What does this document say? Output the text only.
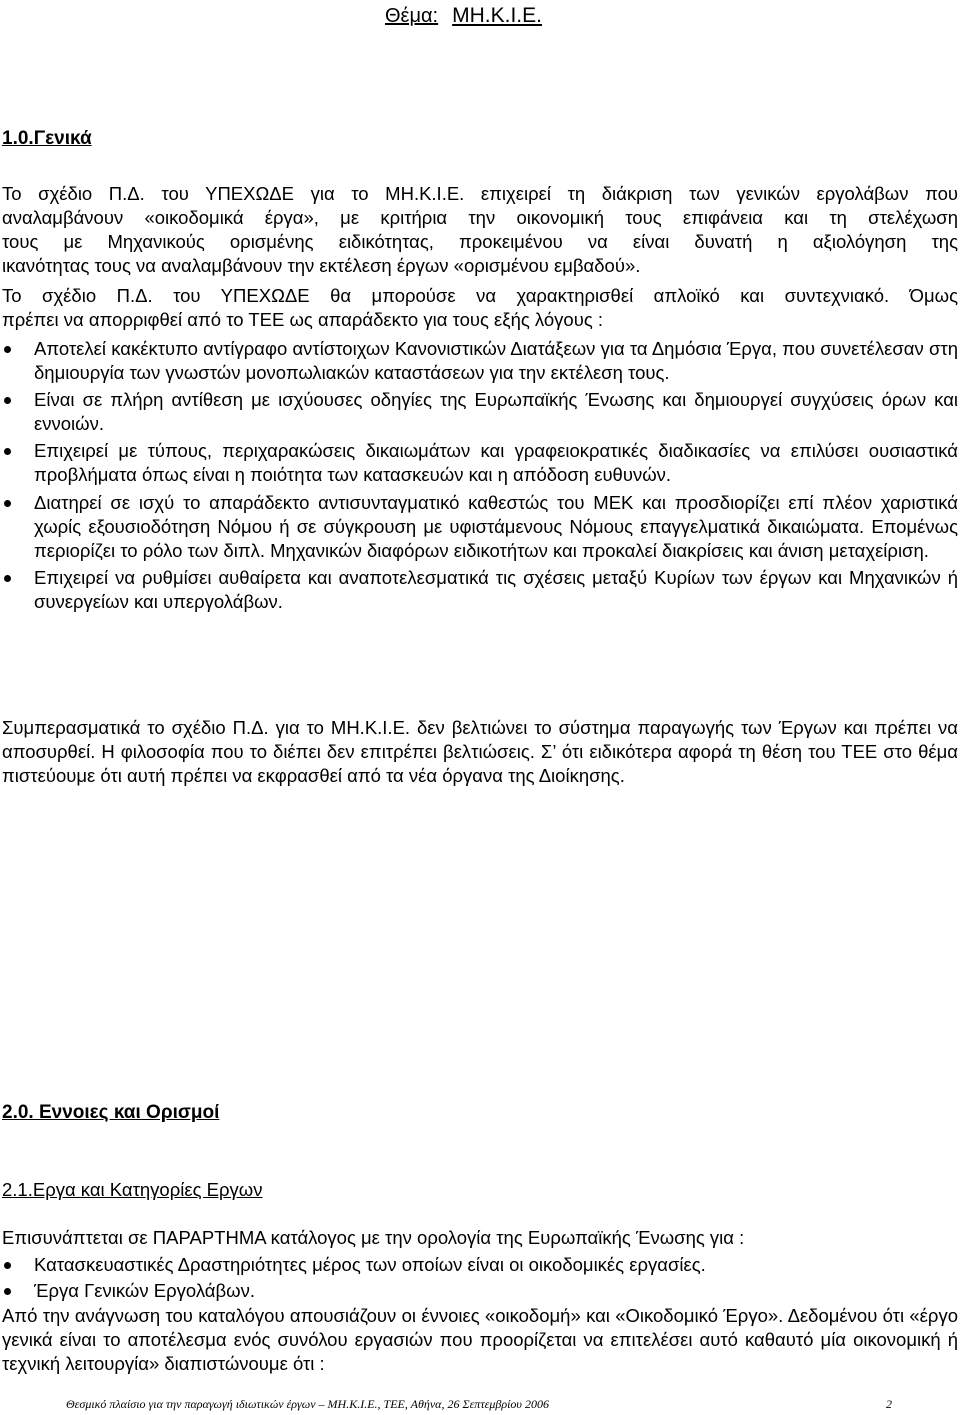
Θέμα: ΜΗ.Κ.Ι.Ε.
1.0.Γενικά
Το σχέδιο Π.Δ. του ΥΠΕΧΩΔΕ για το ΜΗ.Κ.Ι.Ε. επιχειρεί τη διάκριση των γενικών εργολάβων που
αναλαμβάνουν «οικοδομικά έργα», με κριτήρια την οικονομική τους επιφάνεια και τη στελέχωση
τους με Μηχανικούς ορισμένης ειδικότητας, προκειμένου να είναι δυνατή η αξιολόγηση της
ικανότητας τους να αναλαμβάνουν την εκτέλεση έργων «ορισμένου εμβαδού».
Το σχέδιο Π.Δ. του ΥΠΕΧΩΔΕ θα μπορούσε να χαρακτηρισθεί απλοϊκό και συντεχνιακό. Όμως
πρέπει να απορριφθεί από το ΤΕΕ ως απαράδεκτο για τους εξής λόγους :
Αποτελεί κακέκτυπο αντίγραφο αντίστοιχων Κανονιστικών Διατάξεων για τα Δημόσια Έργα, που συνετέλεσαν στη δημιουργία των γνωστών μονοπωλιακών καταστάσεων για την εκτέλεση τους.
Είναι σε πλήρη αντίθεση με ισχύουσες οδηγίες της Ευρωπαϊκής Ένωσης και δημιουργεί συγχύσεις όρων και εννοιών.
Επιχειρεί με τύπους, περιχαρακώσεις δικαιωμάτων και γραφειοκρατικές διαδικασίες να επιλύσει ουσιαστικά προβλήματα όπως είναι η ποιότητα των κατασκευών και η απόδοση ευθυνών.
Διατηρεί σε ισχύ το απαράδεκτο αντισυνταγματικό καθεστώς του ΜΕΚ και προσδιορίζει επί πλέον χαριστικά χωρίς εξουσιοδότηση Νόμου ή σε σύγκρουση με υφιστάμενους Νόμους επαγγελματικά δικαιώματα. Επομένως περιορίζει το ρόλο των διπλ. Μηχανικών διαφόρων ειδικοτήτων και προκαλεί διακρίσεις και άνιση μεταχείριση.
Επιχειρεί να ρυθμίσει αυθαίρετα και αναποτελεσματικά τις σχέσεις μεταξύ Κυρίων των έργων και Μηχανικών ή συνεργείων και υπεργολάβων.
Συμπερασματικά το σχέδιο Π.Δ. για το ΜΗ.Κ.Ι.Ε. δεν βελτιώνει το σύστημα παραγωγής των Έργων και πρέπει να αποσυρθεί. Η φιλοσοφία που το διέπει δεν επιτρέπει βελτιώσεις. Σ’ ότι ειδικότερα αφορά τη θέση του ΤΕΕ στο θέμα πιστεύουμε ότι αυτή πρέπει να εκφρασθεί από τα νέα όργανα της Διοίκησης.
2.0. Εννοιες και Ορισμοί
2.1.Εργα και Κατηγορίες Εργων
Επισυνάπτεται σε ΠΑΡΑΡΤΗΜΑ κατάλογος με την ορολογία της Ευρωπαϊκής Ένωσης για :
Κατασκευαστικές Δραστηριότητες μέρος των οποίων είναι οι οικοδομικές εργασίες.
Έργα Γενικών Εργολάβων.
Από την ανάγνωση του καταλόγου απουσιάζουν οι έννοιες «οικοδομή» και «Οικοδομικό Έργο». Δεδομένου ότι «έργο γενικά είναι το αποτέλεσμα ενός συνόλου εργασιών που προορίζεται να επιτελέσει αυτό καθαυτό μία οικονομική ή τεχνική λειτουργία» διαπιστώνουμε ότι :
Θεσμικό πλαίσιο για την παραγωγή ιδιωτικών έργων – ΜΗ.Κ.Ι.Ε., ΤΕΕ, Αθήνα, 26 Σεπτεμβρίου 2006	2
